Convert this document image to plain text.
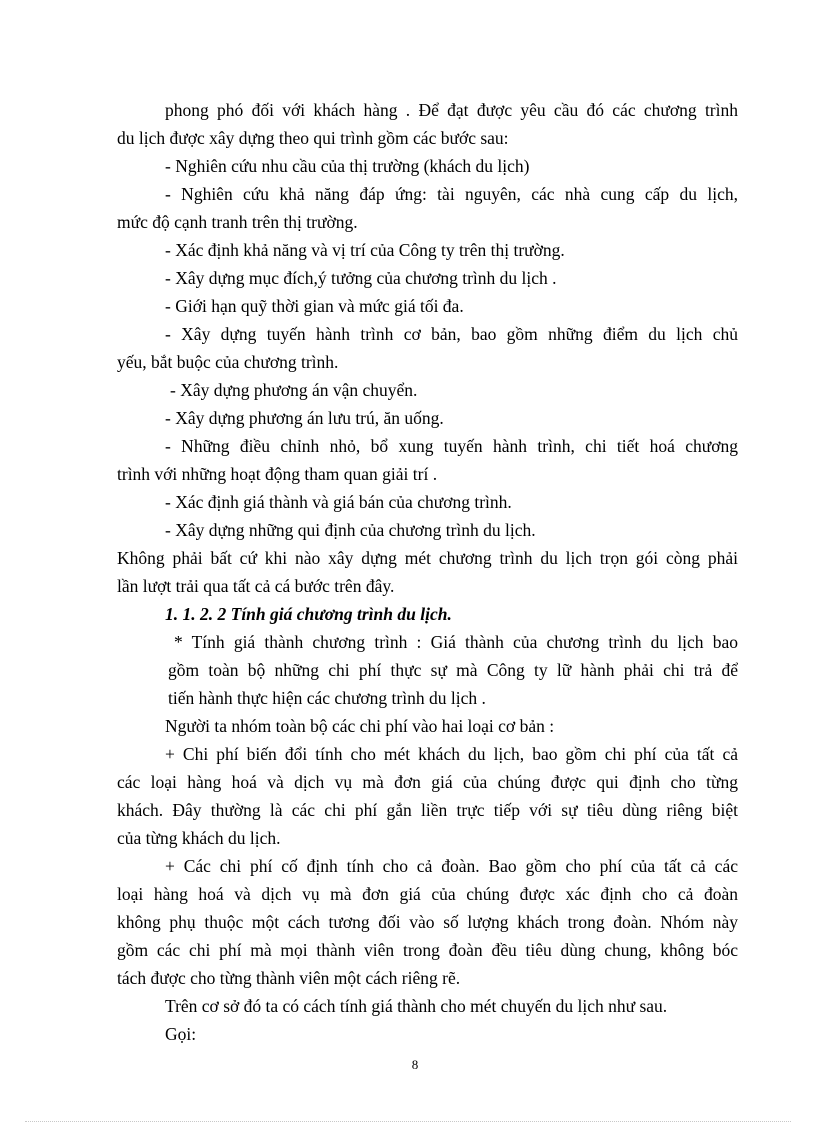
phong phó đối với khách hàng . Để đạt được yêu cầu đó các chương trình
du lịch được xây dựng theo qui trình gồm các bước sau:
- Nghiên cứu nhu cầu của thị trường (khách du lịch)
- Nghiên cứu khả năng đáp ứng: tài nguyên, các nhà cung cấp du lịch,
mức độ cạnh tranh trên thị trường.
- Xác định khả năng và vị trí của Công ty trên thị trường.
- Xây dựng mục đích,ý tưởng của chương trình du lịch .
- Giới hạn quỹ thời gian và mức giá tối đa.
- Xây dựng tuyến hành trình cơ bản, bao gồm những điểm du lịch chủ
yếu, bắt buộc của chương trình.
- Xây dựng phương án vận chuyển.
- Xây dựng phương án lưu trú, ăn uống.
- Những điều chỉnh nhỏ, bổ xung tuyến hành trình, chi tiết hoá chương
trình với những hoạt động tham quan giải trí .
- Xác định giá thành và giá bán của chương trình.
- Xây dựng những qui định của chương trình du lịch.
Không phải bất cứ khi nào xây dựng mét chương trình du lịch trọn gói còng phải
lần lượt trải qua tất cả cá bước trên đây.
1. 1. 2. 2 Tính giá chương trình du lịch.
* Tính giá thành chương trình : Giá thành của chương trình du lịch bao
gồm toàn bộ những chi phí thực sự mà Công ty lữ hành phải chi trả để
tiến hành thực hiện các chương trình du lịch .
Người ta nhóm toàn bộ các chi phí vào hai loại cơ bản :
+ Chi phí biến đổi tính cho mét khách du lịch, bao gồm chi phí của tất cả
các loại hàng hoá và dịch vụ mà đơn giá của chúng được qui định cho từng
khách. Đây thường là các chi phí gắn liền trực tiếp với sự tiêu dùng riêng biệt
của từng khách du lịch.
+ Các chi phí cố định tính cho cả đoàn. Bao gồm cho phí của tất cả các
loại hàng hoá và dịch vụ mà đơn giá của chúng được xác định cho cả đoàn
không phụ thuộc một cách tương đối vào số lượng khách trong đoàn. Nhóm này
gồm các chi phí mà mọi thành viên trong đoàn đều tiêu dùng chung, không bóc
tách được cho từng thành viên một cách riêng rẽ.
Trên cơ sở đó ta có cách tính giá thành cho mét chuyến du lịch như sau.
Gọi:
8
